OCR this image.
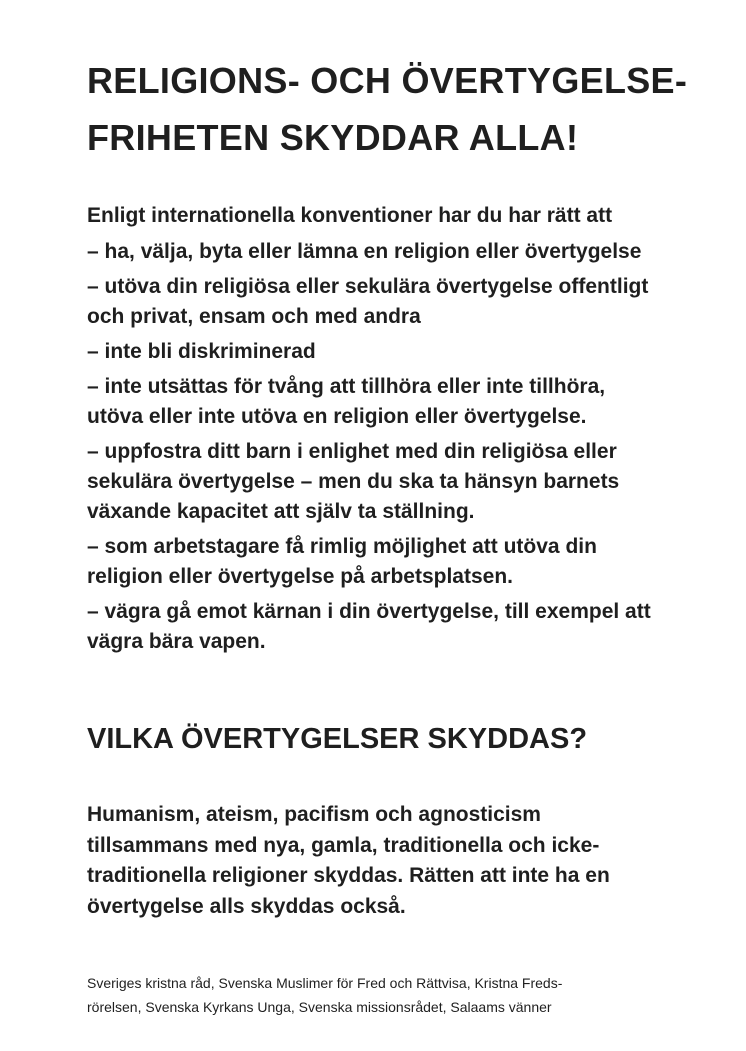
RELIGIONS- OCH ÖVERTYGELSE-
FRIHETEN SKYDDAR ALLA!

Enligt internationella konventioner har du har rätt att

– ha, välja, byta eller lämna en religion eller övertygelse

– utöva din religiösa eller sekulära övertygelse offentligt
och privat, ensam och med andra

– inte bli diskriminerad

– inte utsättas för tvång att tillhöra eller inte tillhöra,
utöva eller inte utöva en religion eller övertygelse.

– uppfostra ditt barn i enlighet med din religiösa eller
sekulära övertygelse – men du ska ta hänsyn barnets
växande kapacitet att själv ta ställning.

– som arbetstagare få rimlig möjlighet att utöva din
religion eller övertygelse på arbetsplatsen.

– vägra gå emot kärnan i din övertygelse, till exempel att
vägra bära vapen.

VILKA ÖVERTYGELSER SKYDDAS?
Humanism, ateism, pacifism och agnosticism
tillsammans med nya, gamla, traditionella och icke-
traditionella religioner skyddas. Rätten att inte ha en
övertygelse alls skyddas också.
Sveriges kristna råd, Svenska Muslimer för Fred och Rättvisa, Kristna Freds-
rörelsen, Svenska Kyrkans Unga, Svenska missionsrådet, Salaams vänner
